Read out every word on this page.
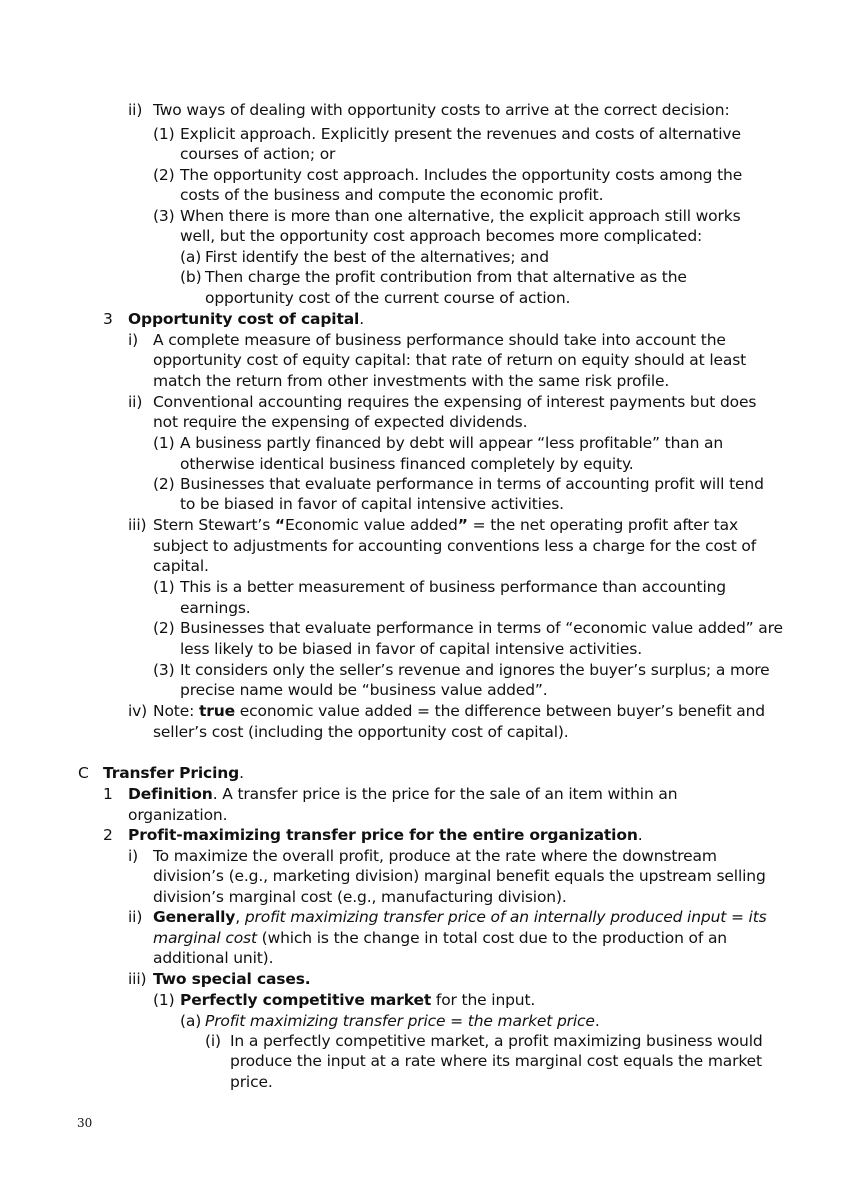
ii) Two ways of dealing with opportunity costs to arrive at the correct decision:
(1) Explicit approach. Explicitly present the revenues and costs of alternative
courses of action; or
(2) The opportunity cost approach. Includes the opportunity costs among the
costs of the business and compute the economic profit.
(3) When there is more than one alternative, the explicit approach still works
well, but the opportunity cost approach becomes more complicated:
(a) First identify the best of the alternatives; and
(b) Then charge the profit contribution from that alternative as the
opportunity cost of the current course of action.
3 Opportunity cost of capital.
i) A complete measure of business performance should take into account the
opportunity cost of equity capital: that rate of return on equity should at least
match the return from other investments with the same risk profile.
ii) Conventional accounting requires the expensing of interest payments but does
not require the expensing of expected dividends.
(1) A business partly financed by debt will appear “less profitable” than an
otherwise identical business financed completely by equity.
(2) Businesses that evaluate performance in terms of accounting profit will tend
to be biased in favor of capital intensive activities.
iii) Stern Stewart’s “Economic value added” = the net operating profit after tax
subject to adjustments for accounting conventions less a charge for the cost of
capital.
(1) This is a better measurement of business performance than accounting
earnings.
(2) Businesses that evaluate performance in terms of “economic value added” are
less likely to be biased in favor of capital intensive activities.
(3) It considers only the seller’s revenue and ignores the buyer’s surplus; a more
precise name would be “business value added”.
iv) Note: true economic value added = the difference between buyer’s benefit and
seller’s cost (including the opportunity cost of capital).
C Transfer Pricing.
1 Definition. A transfer price is the price for the sale of an item within an
organization.
2 Profit-maximizing transfer price for the entire organization.
i) To maximize the overall profit, produce at the rate where the downstream
division’s (e.g., marketing division) marginal benefit equals the upstream selling
division’s marginal cost (e.g., manufacturing division).
ii) Generally, profit maximizing transfer price of an internally produced input = its
marginal cost (which is the change in total cost due to the production of an
additional unit).
iii) Two special cases.
(1) Perfectly competitive market for the input.
(a) Profit maximizing transfer price = the market price.
(i) In a perfectly competitive market, a profit maximizing business would
produce the input at a rate where its marginal cost equals the market
price.
30
